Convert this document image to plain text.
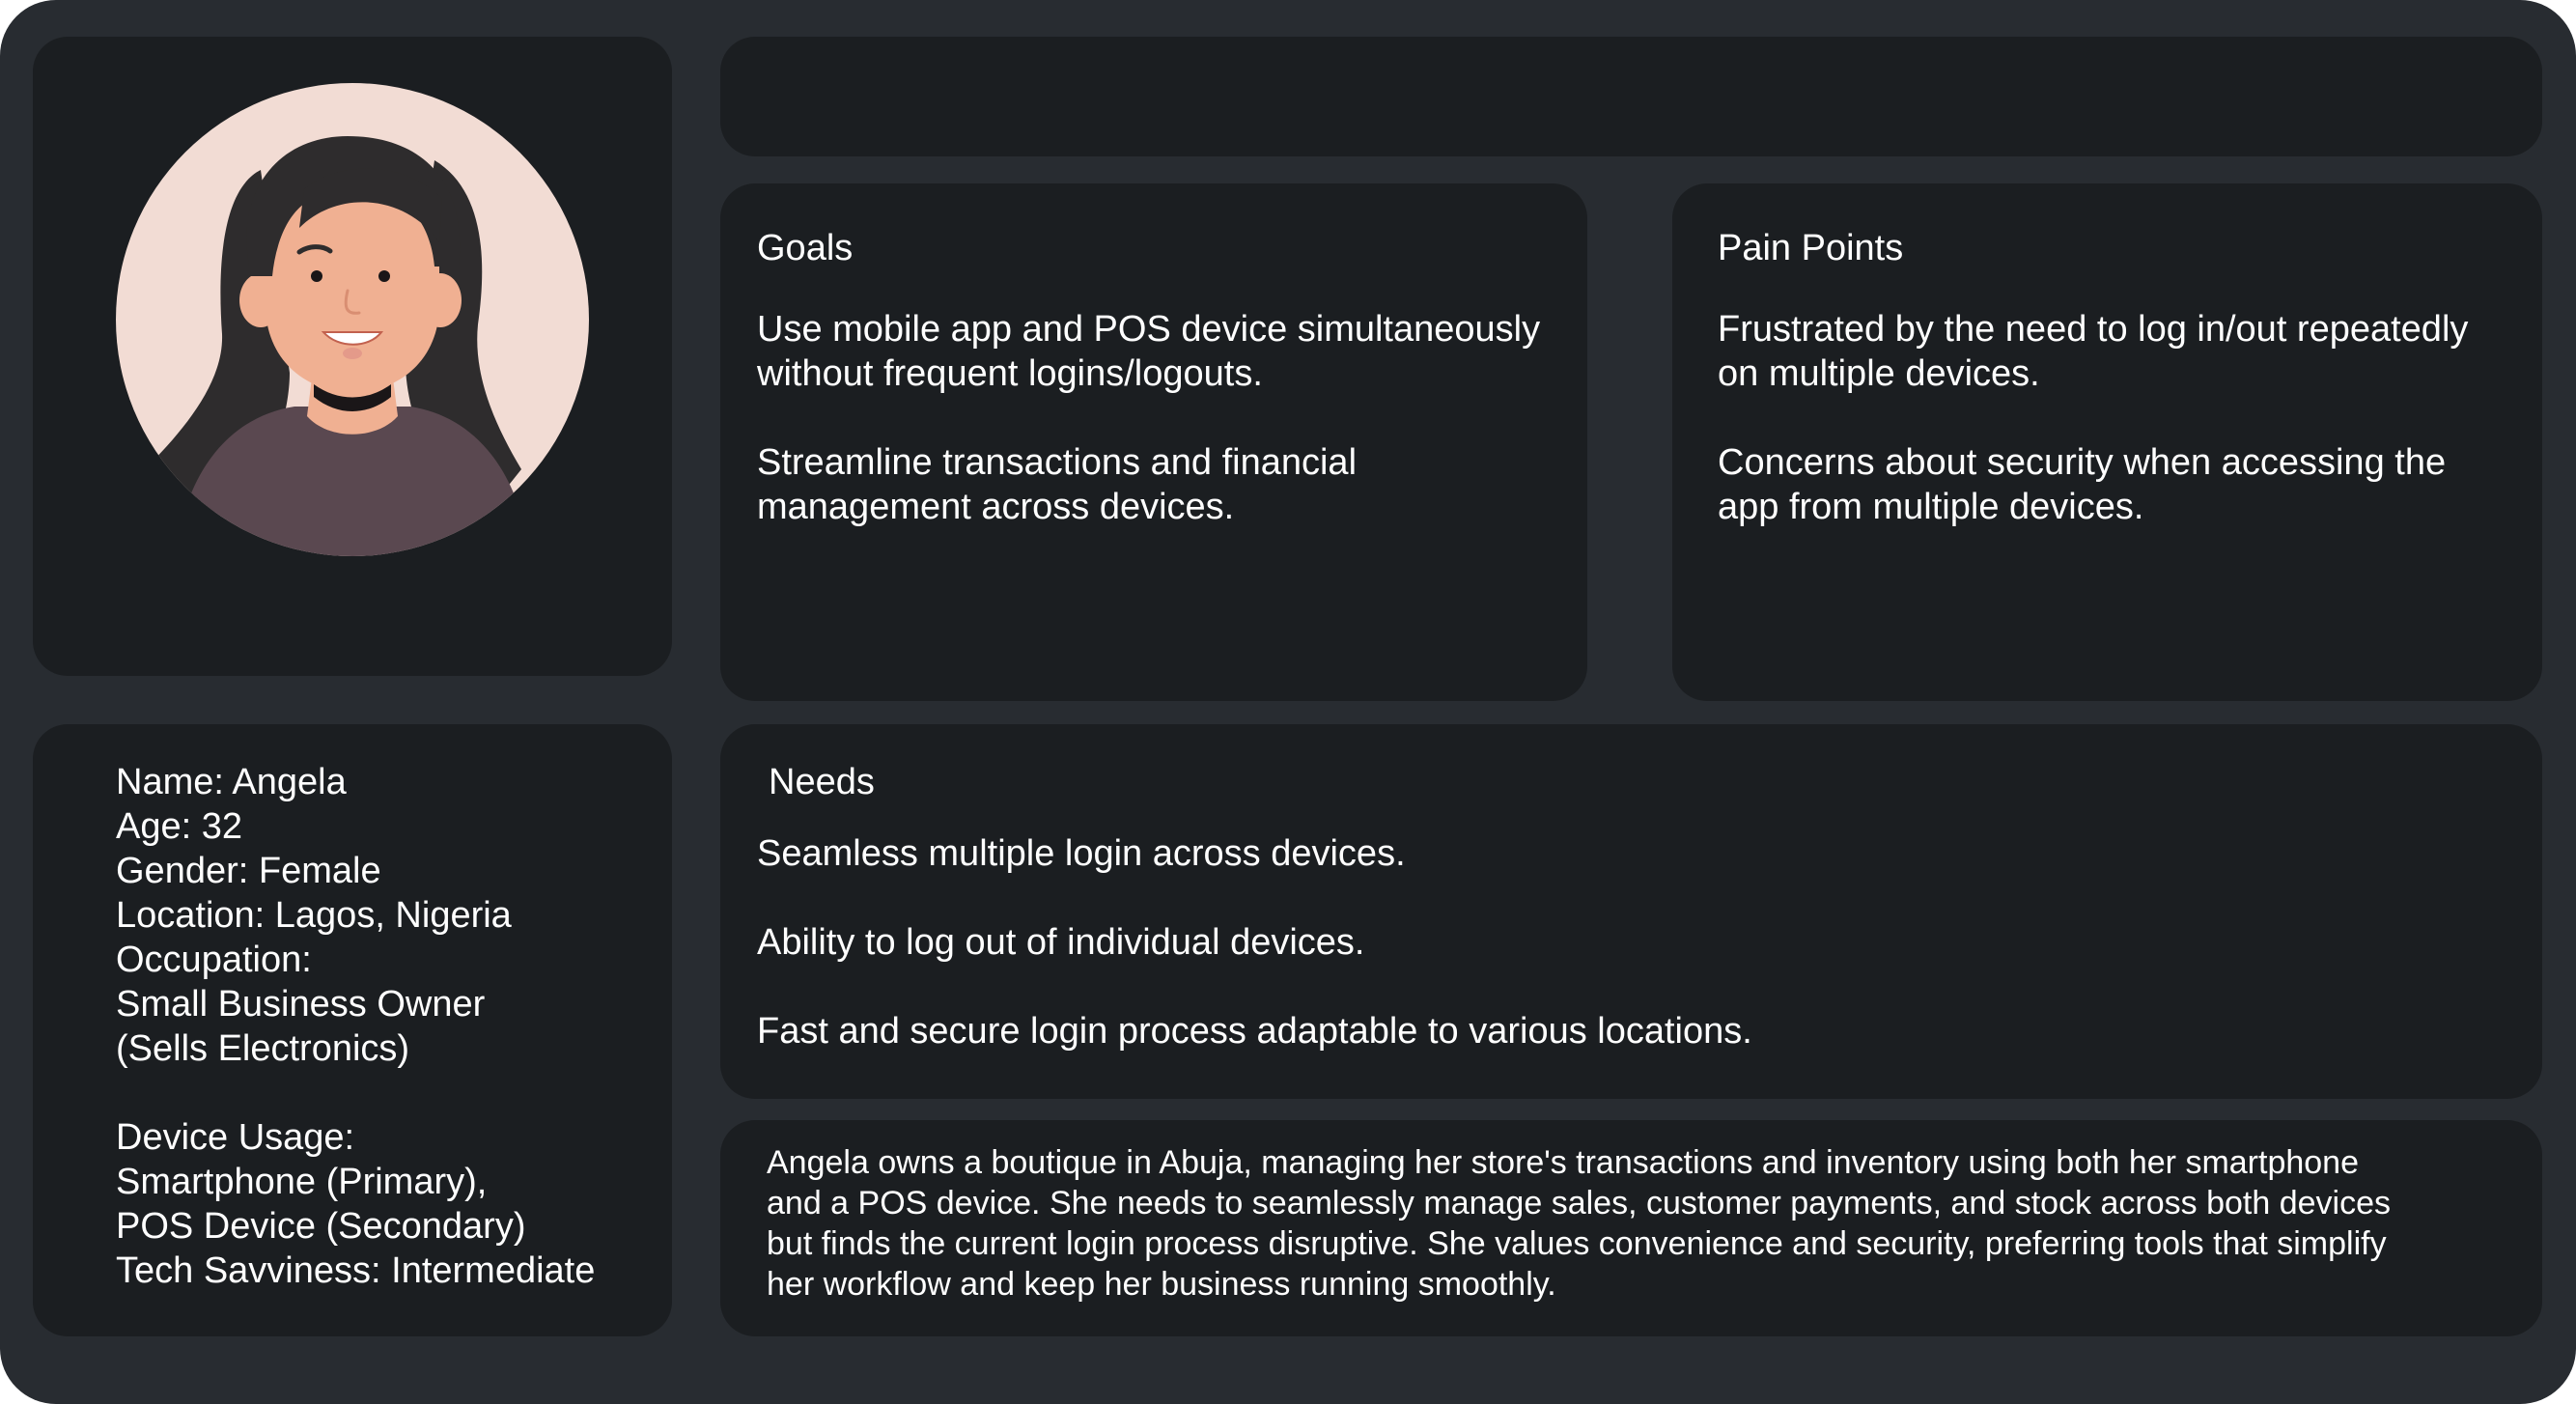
Goals
Use mobile app and POS device simultaneously
without frequent logins/logouts.
Streamline transactions and financial
management across devices.
Pain Points
Frustrated by the need to log in/out repeatedly
on multiple devices.
Concerns about security when accessing the
app from multiple devices.
Name: Angela
Age: 32
Gender: Female
Location: Lagos, Nigeria
Occupation:
Small Business Owner
(Sells Electronics)
Device Usage:
Smartphone (Primary),
POS Device (Secondary)
Tech Savviness: Intermediate
Needs
Seamless multiple login across devices.
Ability to log out of individual devices.
Fast and secure login process adaptable to various locations.
Angela owns a boutique in Abuja, managing her store's transactions and inventory using both her smartphone
and a POS device. She needs to seamlessly manage sales, customer payments, and stock across both devices
but finds the current login process disruptive. She values convenience and security, preferring tools that simplify
her workflow and keep her business running smoothly.
